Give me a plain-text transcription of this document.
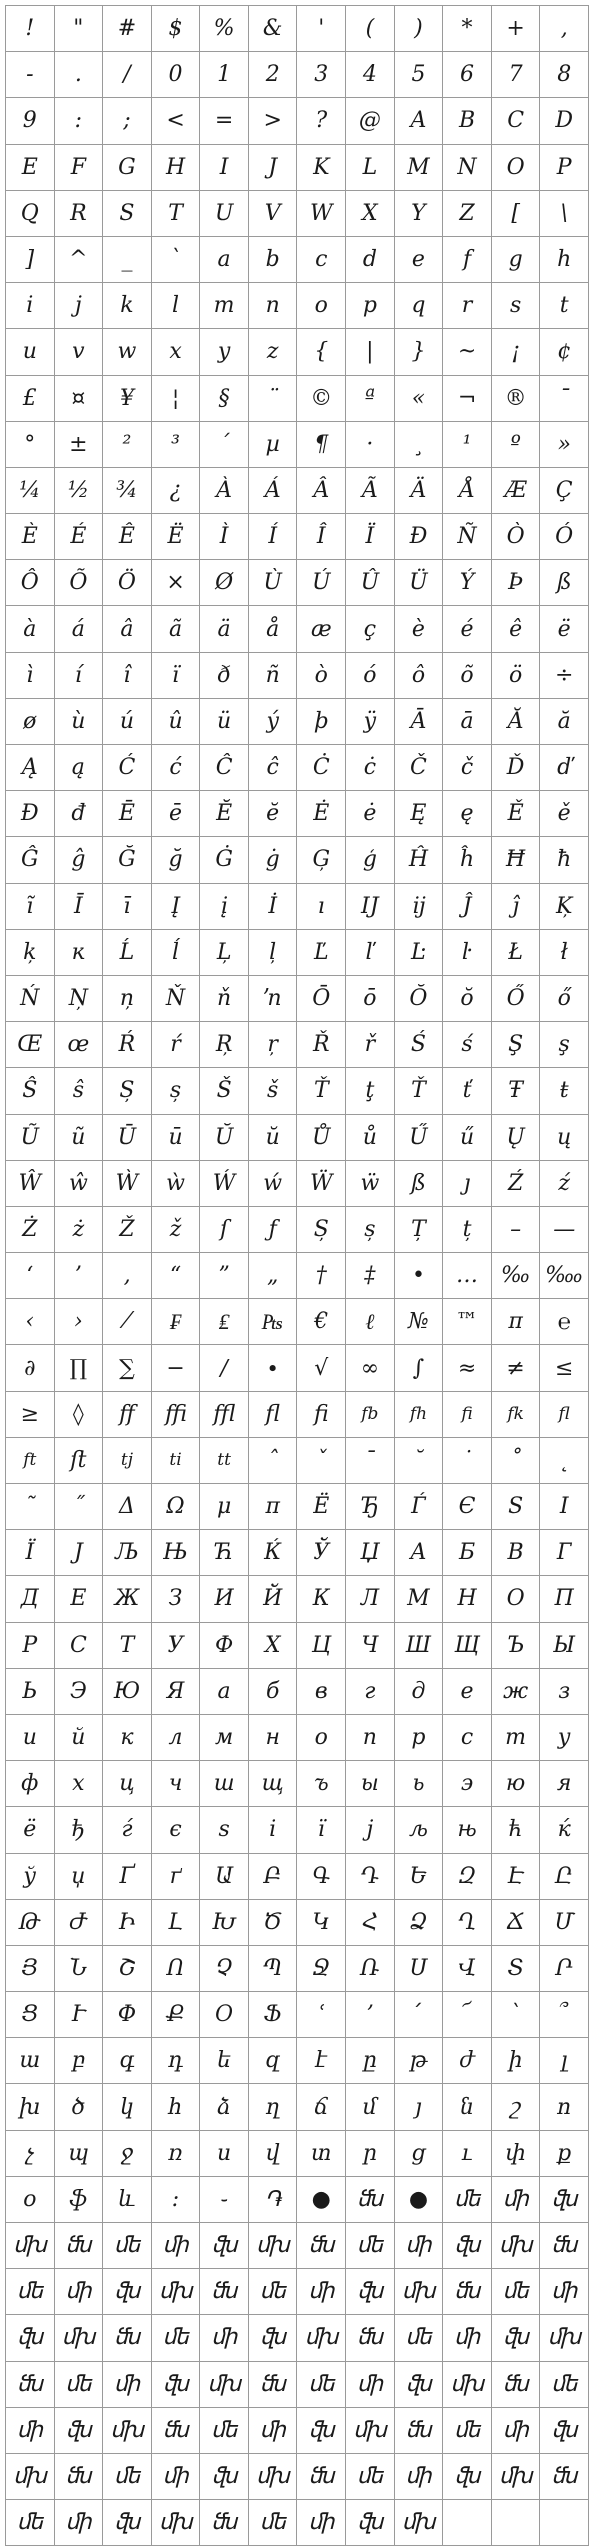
!	"	#	$	%	&	'	(	)	*	+	,
-	.	/	0	1	2	3	4	5	6	7	8
9	:	;	<	=	>	?	@	A	B	C	D
E	F	G	H	I	J	K	L	M	N	O	P
Q	R	S	T	U	V	W	X	Y	Z	[	\
]	^	_	`	a	b	c	d	e	f	g	h
i	j	k	l	m	n	o	p	q	r	s	t
u	v	w	x	y	z	{	|	}	~	¡	¢
£	¤	¥	¦	§	¨	©	ª	«	¬	®	¯
°	±	²	³	´	µ	¶	·	¸	¹	º	»
¼	½	¾	¿	À	Á	Â	Ã	Ä	Å	Æ	Ç
È	É	Ê	Ë	Ì	Í	Î	Ï	Ð	Ñ	Ò	Ó
Ô	Õ	Ö	×	Ø	Ù	Ú	Û	Ü	Ý	Þ	ß
à	á	â	ã	ä	å	æ	ç	è	é	ê	ë
ì	í	î	ï	ð	ñ	ò	ó	ô	õ	ö	÷
ø	ù	ú	û	ü	ý	þ	ÿ	Ā	ā	Ă	ă
Ą	ą	Ć	ć	Ĉ	ĉ	Ċ	ċ	Č	č	Ď	ď
Đ	đ	Ē	ē	Ĕ	ĕ	Ė	ė	Ę	ę	Ě	ě
Ĝ	ĝ	Ğ	ğ	Ġ	ġ	Ģ	ģ	Ĥ	ĥ	Ħ	ħ
ĩ	Ī	ī	Į	į	İ	ı	Ĳ	ĳ	Ĵ	ĵ	Ķ
ķ	ĸ	Ĺ	ĺ	Ļ	ļ	Ľ	ľ	Ŀ	ŀ	Ł	ł
Ń	Ņ	ņ	Ň	ň	ŉ	Ō	ō	Ŏ	ŏ	Ő	ő
Œ	œ	Ŕ	ŕ	Ŗ	ŗ	Ř	ř	Ś	ś	Ş	ş
Ŝ	ŝ	Ș	ș	Š	š	Ť	ţ	Ť	ť	Ŧ	ŧ
Ũ	ũ	Ū	ū	Ŭ	ŭ	Ů	ů	Ű	ű	Ų	ų
Ŵ	ŵ	Ẁ	ẁ	Ẃ	ẃ	Ẅ	ẅ	ß	ȷ	Ź	ź
Ż	ż	Ž	ž	ſ	ƒ	Ș	ș	Ț	ț	–	—
‘	’	‚	“	”	„	†	‡	•	…	‰ ‱
‹	›	⁄	₣	₤	₧	€	ℓ	№	™	π	℮
∂	∏	∑	−	∕	∙	√	∞	∫	≈	≠	≤
≥	◊	ﬀ	ﬃ	ﬄ	ﬂ	ﬁ	fb	fh	fi	fk	fl
ft	ﬅ	tj	ti	tt	ˆ	ˇ	ˉ	˘	˙	˚	˛
˜	˝	Δ	Ω	μ	π	Ё	Ђ	Ѓ	Є	S	I
Ї	J	Љ	Њ	Ћ	Ќ	Ў	Џ	А	Б	В	Г
Д	Е	Ж	З	И	Й	К	Л	М	Н	О	П
Р	С	Т	У	Ф	Х	Ц	Ч	Ш	Щ	Ъ	Ы
Ь	Э	Ю	Я	а	б	в	г	д	е	ж	з
и	й	к	л	м	н	о	п	р	с	т	у
ф	х	ц	ч	ш	щ	ъ	ы	ь	э	ю	я
ё	ђ	ѓ	є	ѕ	і	ї	ј	љ	њ	ћ	ќ
ў	џ	Ґ	ґ	Ա	Բ	Գ	Դ	Ե	Զ	Է	Ը
Թ	Ժ	Ի	Լ	Խ	Ծ	Կ	Հ	Ձ	Ղ	Ճ	Մ
Յ	Ն	Շ	Ո	Չ	Պ	Ջ	Ռ	Ս	Վ	Տ	Ր
Ց	Ւ	Փ	Ք	Օ	Ֆ	ՙ	՚	՛	՜	՝	՞
ա	բ	գ	դ	ե	զ	է	ը	թ	ժ	ի	լ
խ	ծ	կ	հ	ձ	ղ	ճ	մ	յ	ն	շ	ո
չ	պ	ջ	ռ	ս	վ	տ	ր	ց	ւ	փ	ք
օ	ֆ	և	։	֊	֏	●	ﬓ	●	ﬔ	ﬕ	ﬖ
ﬗ ﬓ	ﬔ	ﬕ	ﬖ ﬗ ﬓ	ﬔ	ﬕ	ﬖ ﬗ ﬓ
ﬔ	ﬕ	ﬖ ﬗ ﬓ	ﬔ	ﬕ	ﬖ ﬗ ﬓ	ﬔ	ﬕ
ﬖ ﬗ ﬓ	ﬔ	ﬕ	ﬖ ﬗ ﬓ	ﬔ	ﬕ	ﬖ ﬗ
ﬓ	ﬔ	ﬕ	ﬖ ﬗ ﬓ	ﬔ	ﬕ	ﬖ ﬗ ﬓ	ﬔ
ﬕ	ﬖ ﬗ ﬓ	ﬔ	ﬕ	ﬖ ﬗ ﬓ	ﬔ	ﬕ	ﬖ
ﬗ ﬓ	ﬔ	ﬕ	ﬖ ﬗ ﬓ	ﬔ	ﬕ	ﬖ ﬗ ﬓ
ﬔ	ﬕ	ﬖ ﬗ ﬓ	ﬔ	ﬕ	ﬖ ﬗ
